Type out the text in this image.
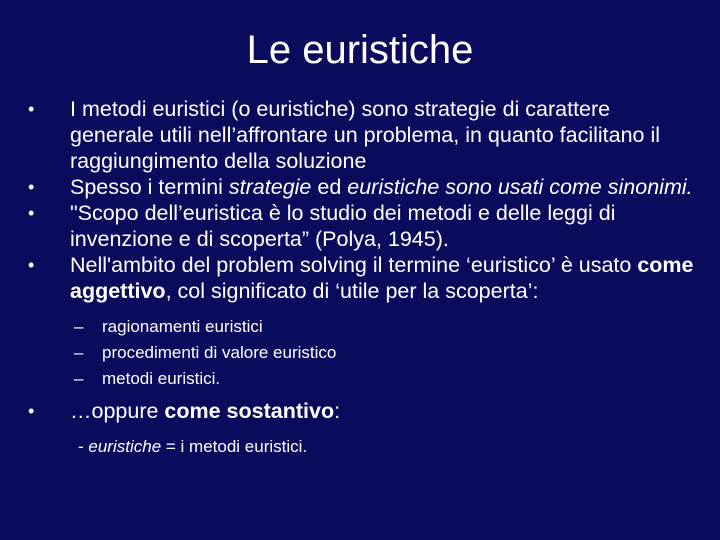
Le euristiche
• I metodi euristici (o euristiche) sono strategie di carattere generale utili nell’affrontare un problema, in quanto facilitano il raggiungimento della soluzione
• Spesso i termini strategie ed euristiche sono usati come sinonimi.
• "Scopo dell’euristica è lo studio dei metodi e delle leggi di invenzione e di scoperta” (Polya, 1945).
• Nell'ambito del problem solving il termine ‘euristico’ è usato come aggettivo, col significato di ‘utile per la scoperta’:
– ragionamenti euristici
– procedimenti di valore euristico
– metodi euristici.
• …oppure come sostantivo:
- euristiche = i metodi euristici.
